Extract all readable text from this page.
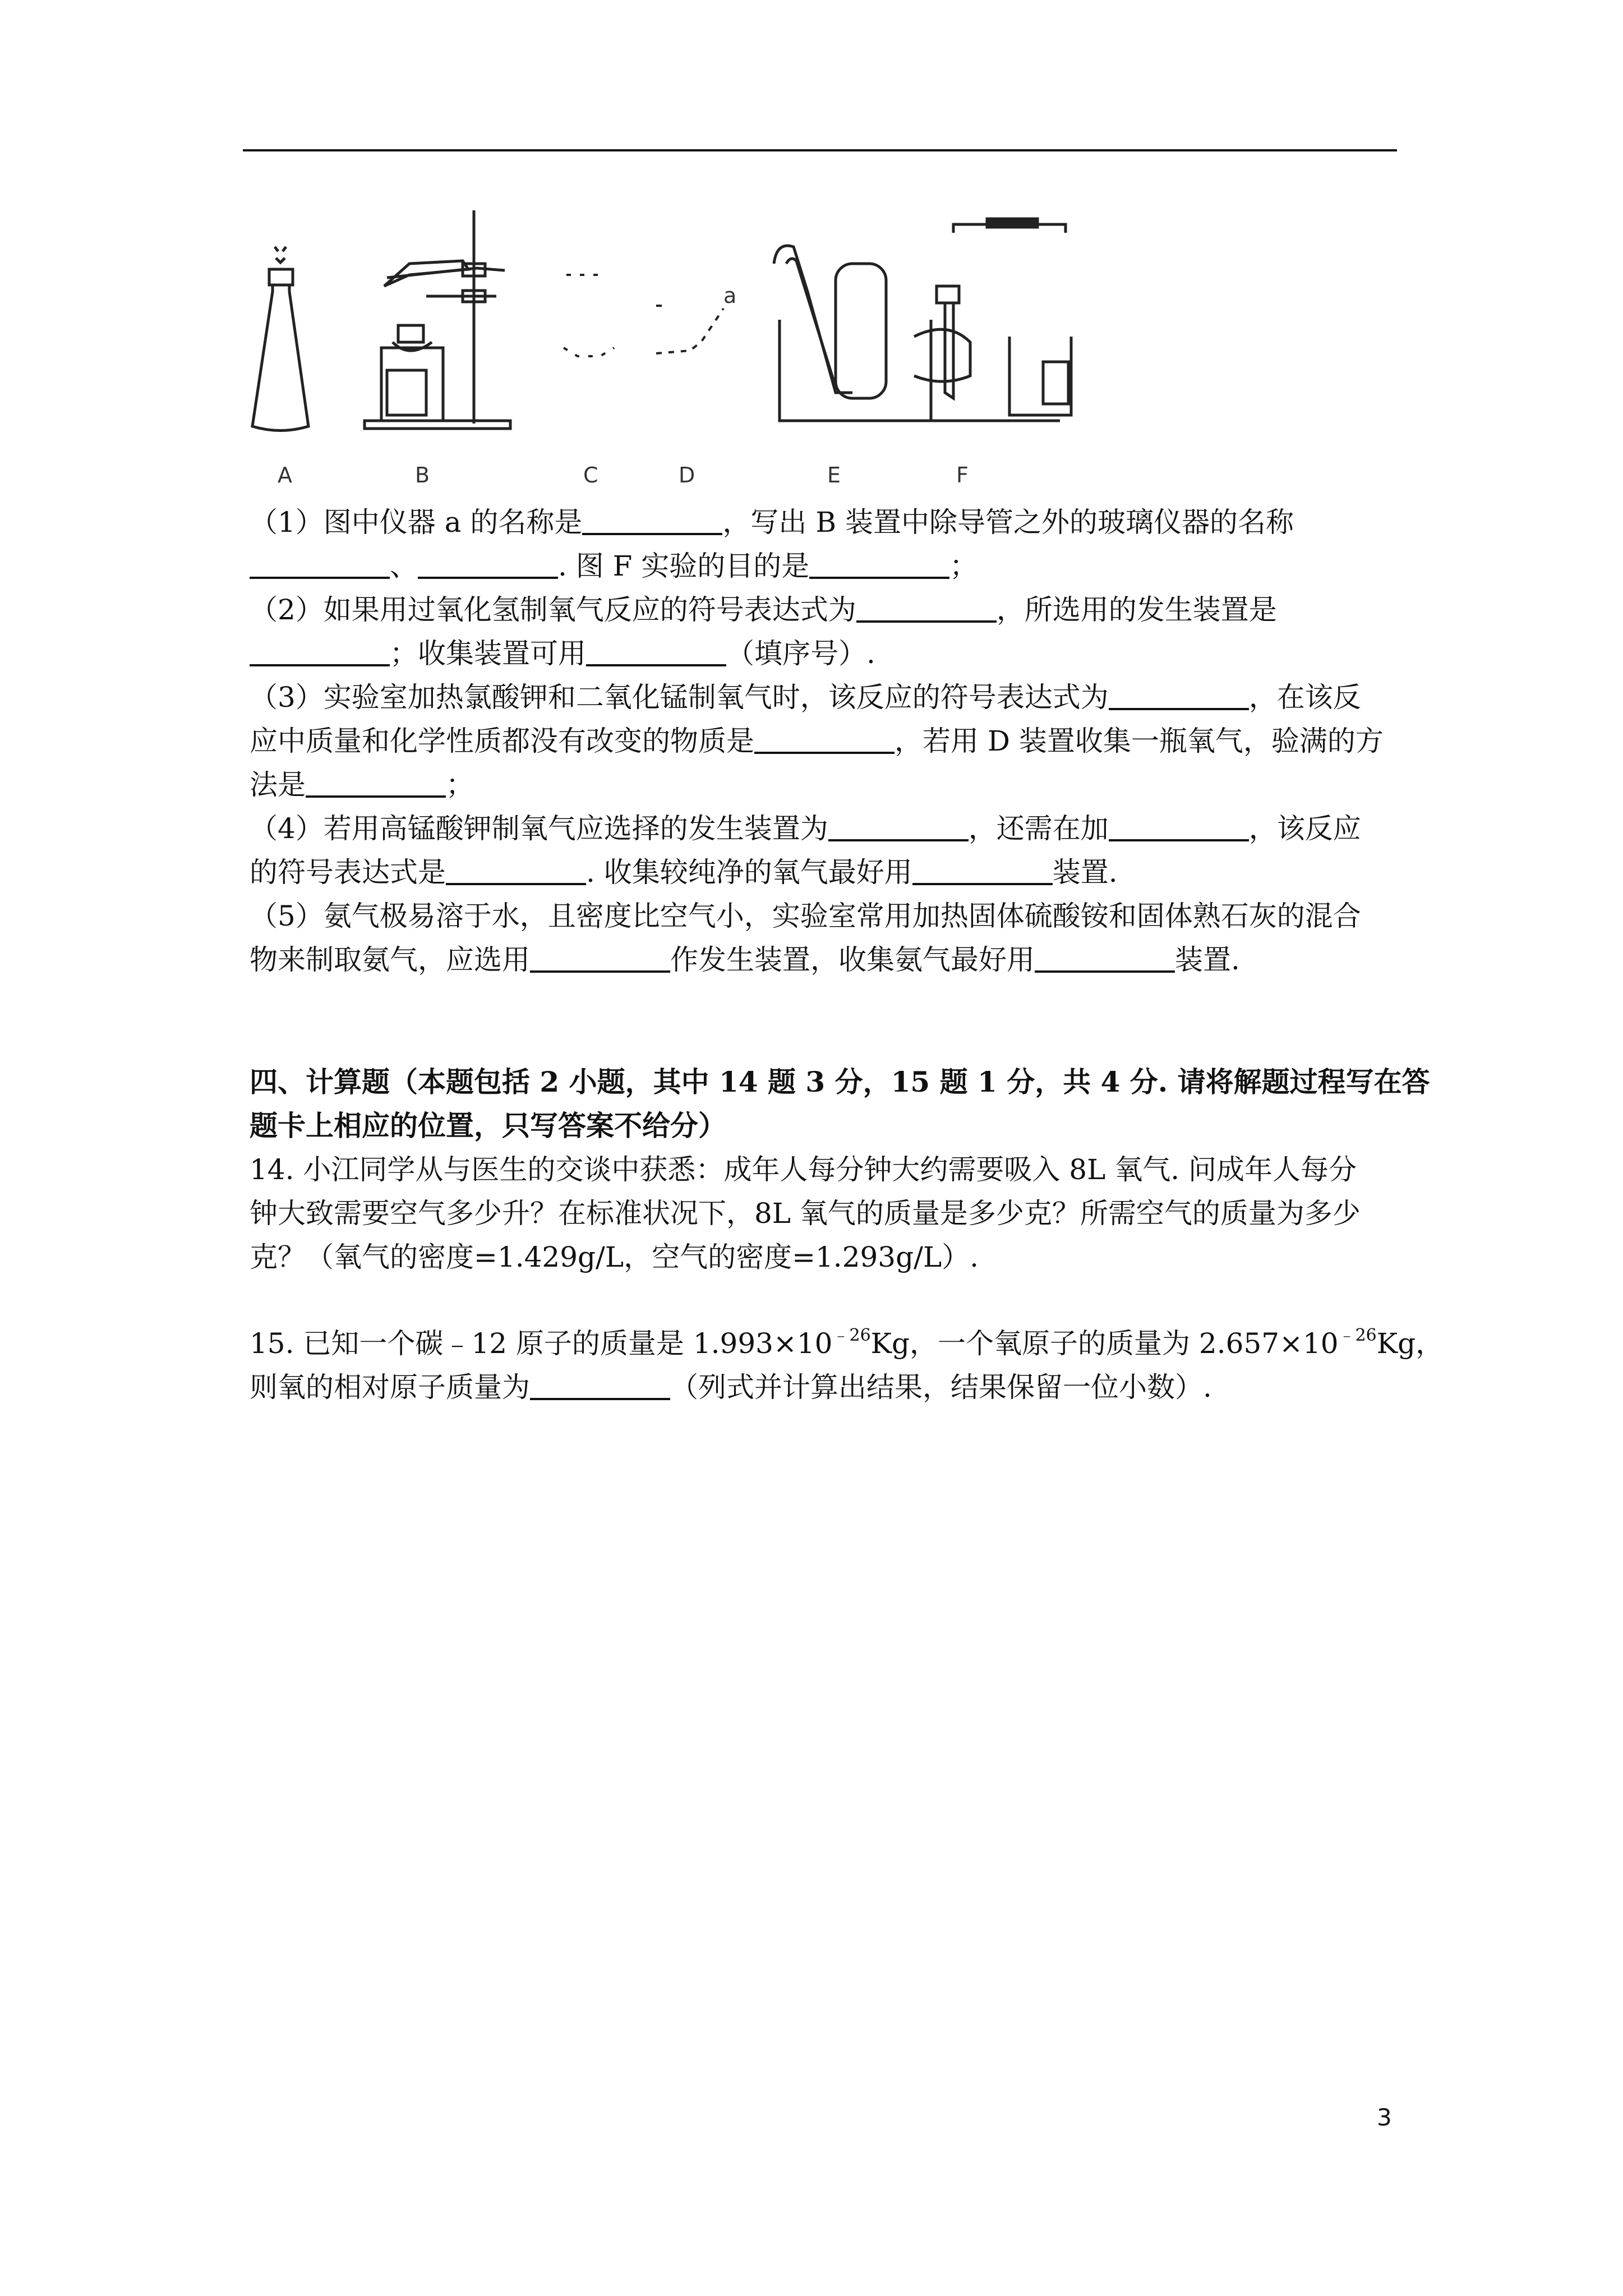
a
A	B	C	D	E	F
（1）图中仪器 a 的名称是	，写出 B 装置中除导管之外的玻璃仪器的名称
、	. 图 F 实验的目的是	；
（2）如果用过氧化氢制氧气反应的符号表达式为	，所选用的发生装置是
；收集装置可用	（填序号）.
（3）实验室加热氯酸钾和二氧化锰制氧气时，该反应的符号表达式为	，在该反
应中质量和化学性质都没有改变的物质是	，若用 D 装置收集一瓶氧气，验满的方
法是	；
（4）若用高锰酸钾制氧气应选择的发生装置为	，还需在加	，该反应
的符号表达式是	. 收集较纯净的氧气最好用	装置.
（5）氨气极易溶于水，且密度比空气小，实验室常用加热固体硫酸铵和固体熟石灰的混合
物来制取氨气，应选用	作发生装置，收集氨气最好用	装置.
四、计算题（本题包括 2 小题，其中 14 题 3 分，15 题 1 分，共 4 分. 请将解题过程写在答
题卡上相应的位置，只写答案不给分）
14. 小江同学从与医生的交谈中获悉：成年人每分钟大约需要吸入 8L 氧气. 问成年人每分
钟大致需要空气多少升？在标准状况下，8L 氧气的质量是多少克？所需空气的质量为多少
克？（氧气的密度=1.429g/L，空气的密度=1.293g/L）.
15. 已知一个碳﹣12 原子的质量是 $1.993\times 10^{﹣26}Kg$，一个氧原子的质量为 $2.657\times 10^{﹣26}Kg$，
则氧的相对原子质量为	（列式并计算出结果，结果保留一位小数）.
3
